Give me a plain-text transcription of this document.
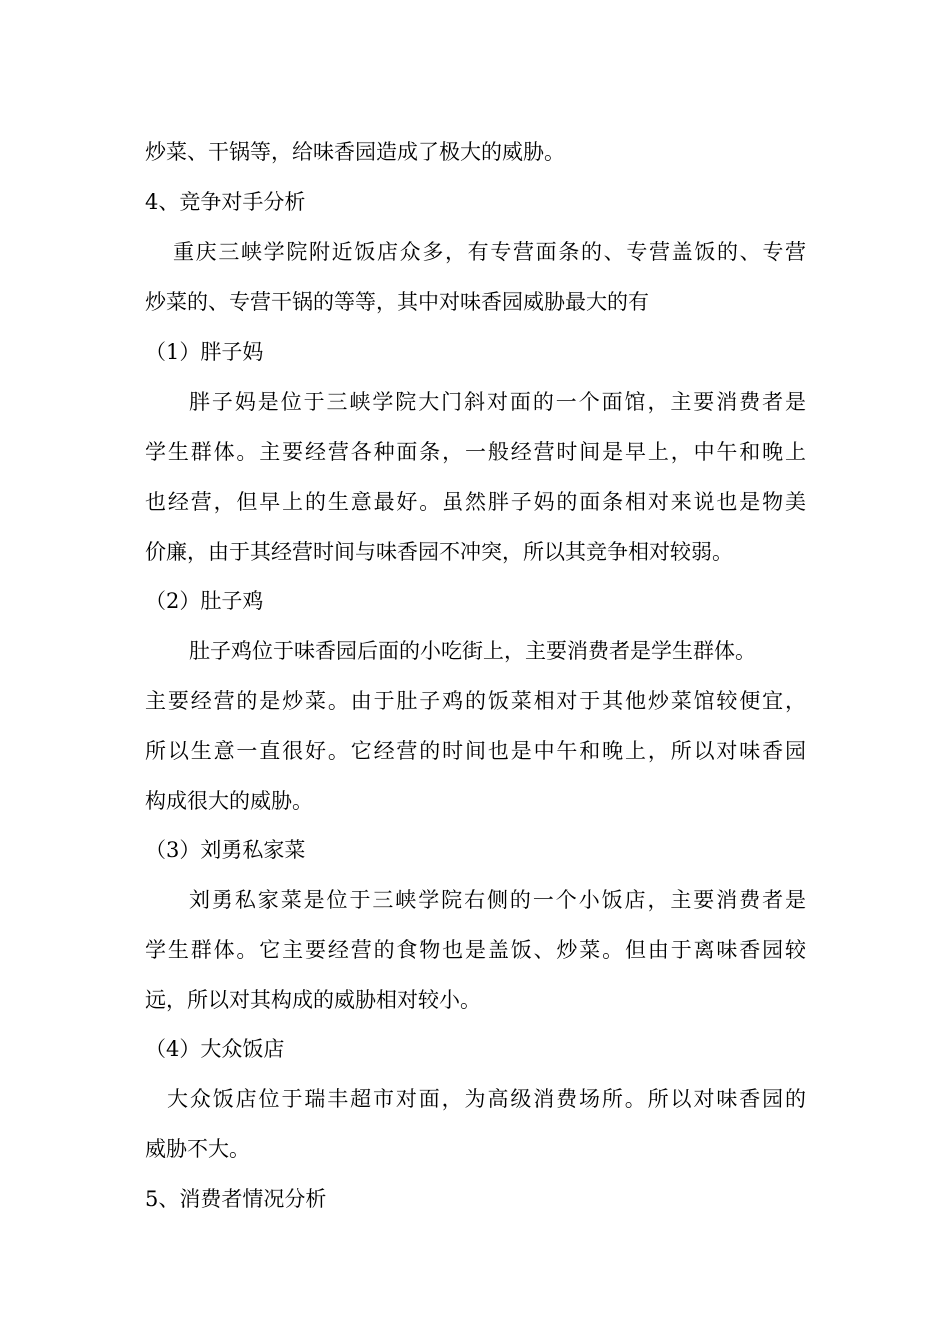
炒菜、干锅等，给味香园造成了极大的威胁。
4、竞争对手分析
重庆三峡学院附近饭店众多，有专营面条的、专营盖饭的、专营
炒菜的、专营干锅的等等，其中对味香园威胁最大的有
（1）胖子妈
胖子妈是位于三峡学院大门斜对面的一个面馆，主要消费者是
学生群体。主要经营各种面条，一般经营时间是早上，中午和晚上
也经营，但早上的生意最好。虽然胖子妈的面条相对来说也是物美
价廉，由于其经营时间与味香园不冲突，所以其竞争相对较弱。
（2）肚子鸡
肚子鸡位于味香园后面的小吃街上，主要消费者是学生群体。
主要经营的是炒菜。由于肚子鸡的饭菜相对于其他炒菜馆较便宜，
所以生意一直很好。它经营的时间也是中午和晚上，所以对味香园
构成很大的威胁。
（3）刘勇私家菜
刘勇私家菜是位于三峡学院右侧的一个小饭店，主要消费者是
学生群体。它主要经营的食物也是盖饭、炒菜。但由于离味香园较
远，所以对其构成的威胁相对较小。
（4）大众饭店
大众饭店位于瑞丰超市对面，为高级消费场所。所以对味香园的
威胁不大。
5、消费者情况分析
